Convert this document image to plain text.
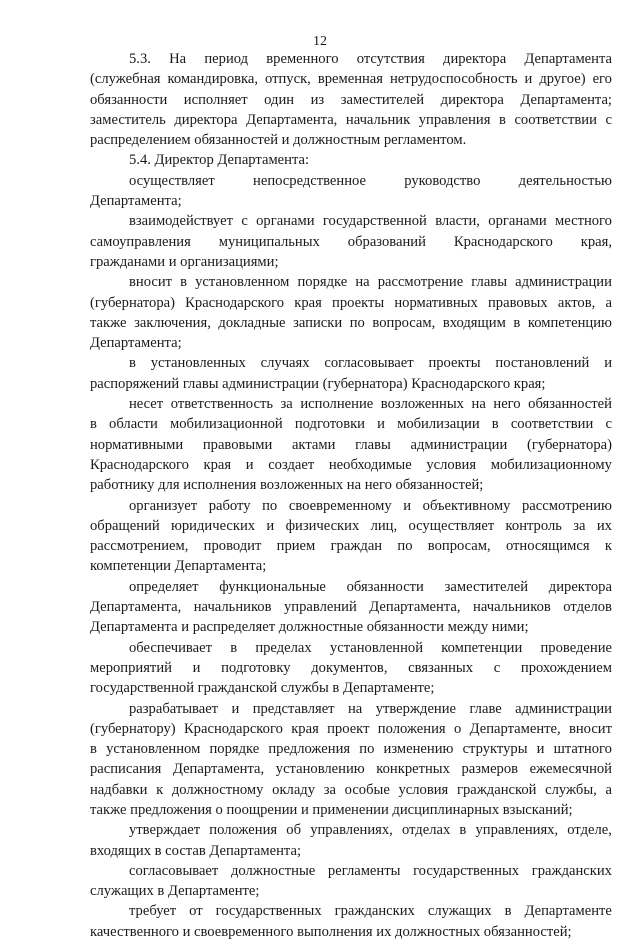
12
5.3. На период временного отсутствия директора Департамента
(служебная командировка, отпуск, временная нетрудоспособность и другое) его
обязанности исполняет один из заместителей директора Департамента;
заместитель директора Департамента, начальник управления в соответствии с
распределением обязанностей и должностным регламентом.
5.4. Директор Департамента:
осуществляет	непосредственное	руководство	деятельностью
Департамента;
взаимодействует с органами государственной власти, органами местного
самоуправления муниципальных образований Краснодарского края,
гражданами и организациями;
вносит в установленном порядке на рассмотрение главы администрации
(губернатора) Краснодарского края проекты нормативных правовых актов, а
также заключения, докладные записки по вопросам, входящим в компетенцию
Департамента;
в установленных случаях согласовывает проекты постановлений и
распоряжений главы администрации (губернатора) Краснодарского края;
несет ответственность за исполнение возложенных на него обязанностей
в области мобилизационной подготовки и мобилизации в соответствии с
нормативными правовыми актами главы администрации (губернатора)
Краснодарского края и создает необходимые условия мобилизационному
работнику для исполнения возложенных на него обязанностей;
организует работу по своевременному и объективному рассмотрению
обращений юридических и физических лиц, осуществляет контроль за их
рассмотрением, проводит прием граждан по вопросам, относящимся к
компетенции Департамента;
определяет функциональные обязанности заместителей директора
Департамента, начальников управлений Департамента, начальников отделов
Департамента и распределяет должностные обязанности между ними;
обеспечивает в пределах установленной компетенции проведение
мероприятий и подготовку документов, связанных с прохождением
государственной гражданской службы в Департаменте;
разрабатывает и представляет на утверждение главе администрации
(губернатору) Краснодарского края проект положения о Департаменте, вносит
в установленном порядке предложения по изменению структуры и штатного
расписания Департамента, установлению конкретных размеров ежемесячной
надбавки к должностному окладу за особые условия гражданской службы, а
также предложения о поощрении и применении дисциплинарных взысканий;
утверждает положения об управлениях, отделах в управлениях, отделе,
входящих в состав Департамента;
согласовывает должностные регламенты государственных гражданских
служащих в Департаменте;
требует от государственных гражданских служащих в Департаменте
качественного и своевременного выполнения их должностных обязанностей;
